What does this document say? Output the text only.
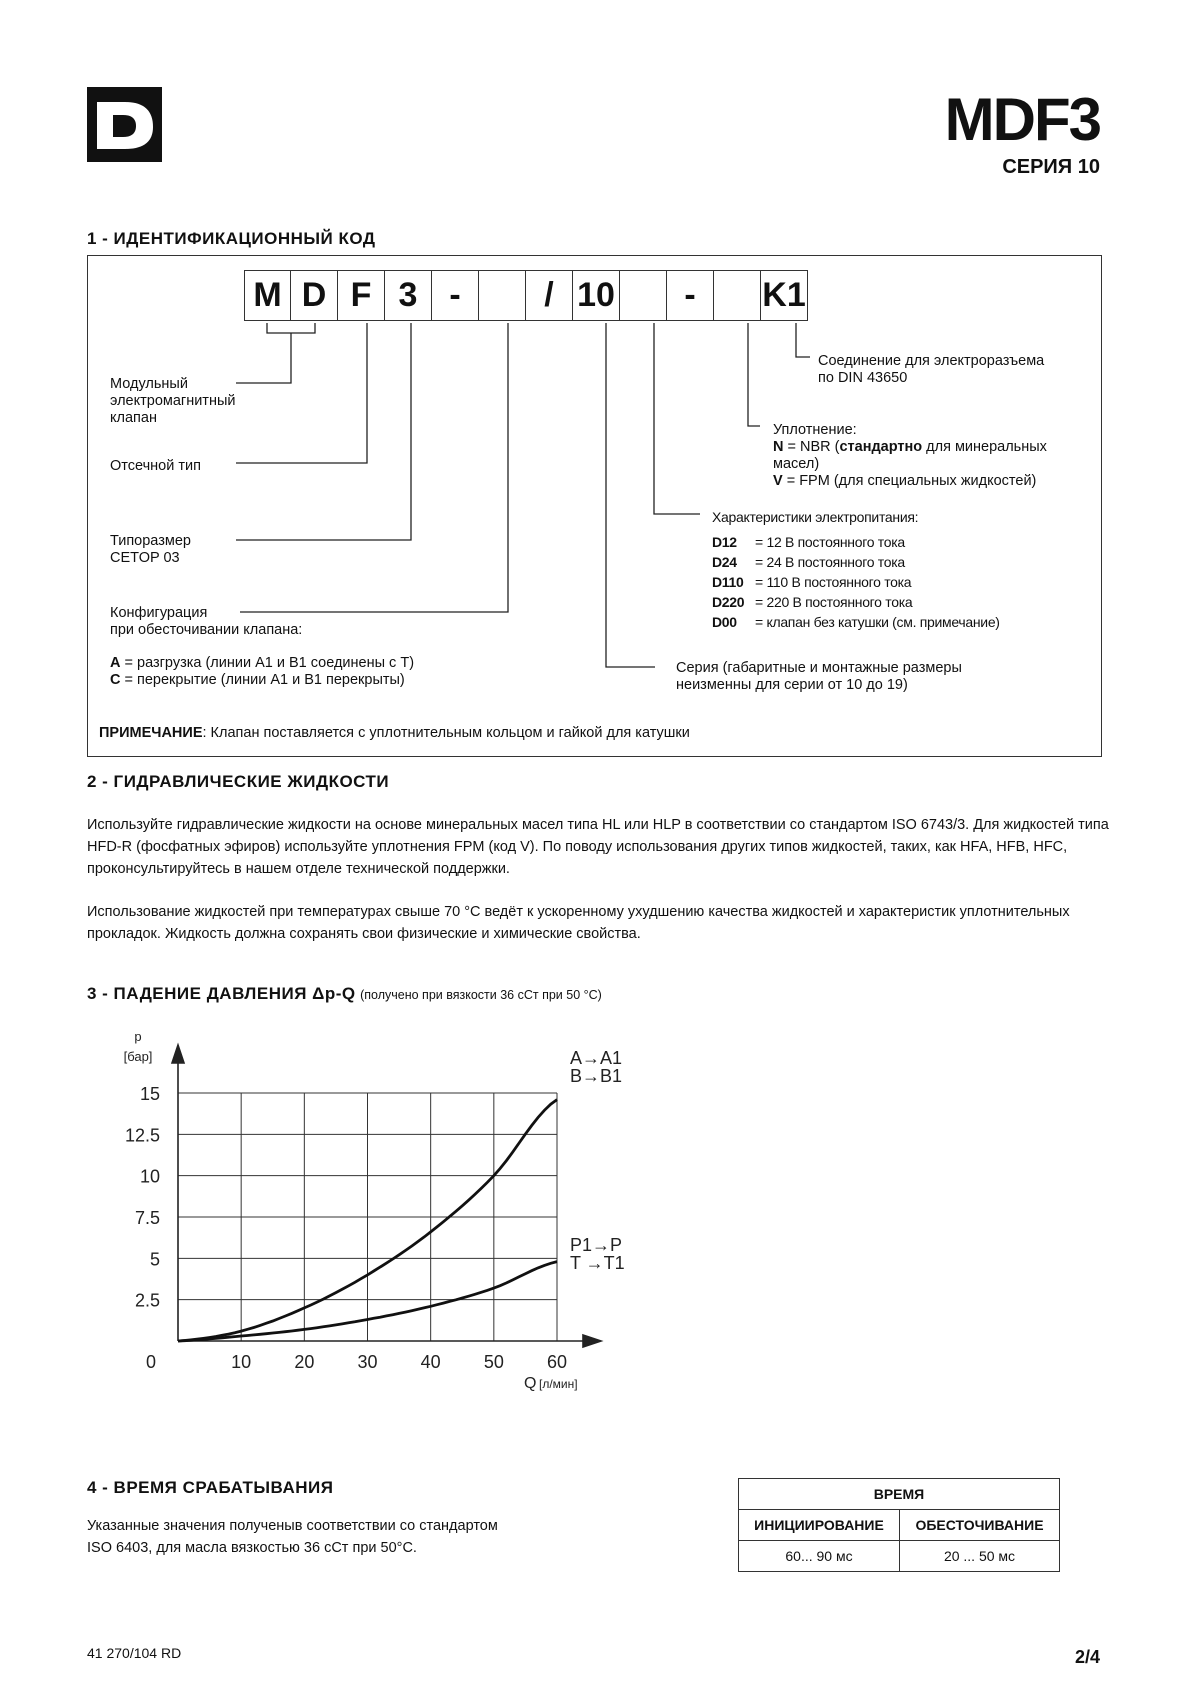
MDF3
СЕРИЯ 10
1 - ИДЕНТИФИКАЦИОННЫЙ КОД
M D F 3 -	/ 10	-	K1
Модульный
электромагнитный
клапан
Отсечной тип
Типоразмер
CETOP 03
Конфигурация
при обесточивании клапана:
A = разгрузка (линии A1 и B1 соединены с T)
C = перекрытие (линии A1 и B1 перекрыты)
Соединение для электроразъема
по DIN 43650
Уплотнение:
N = NBR (стандартно для минеральных
масел)
V = FPM (для специальных жидкостей)
Характеристики электропитания:
D12 = 12 В постоянного тока
D24 = 24 В постоянного тока
D110 = 110 В постоянного тока
D220 = 220 В постоянного тока
D00 = клапан без катушки (см. примечание)
Серия (габаритные и монтажные размеры
неизменны для серии от 10 до 19)
ПРИМЕЧАНИЕ: Клапан поставляется с уплотнительным кольцом и гайкой для катушки
2 - ГИДРАВЛИЧЕСКИЕ ЖИДКОСТИ
Используйте гидравлические жидкости на основе минеральных масел типа HL или HLP в соответствии со стандартом ISO 6743/3. Для жидкостей типа HFD-R (фосфатных эфиров) используйте уплотнения FPM (код V). По поводу использования других типов жидкостей, таких, как HFA, HFB, HFC, проконсультируйтесь в нашем отделе технической поддержки.
Использование жидкостей при температурах свыше 70 °C ведёт к ускоренному ухудшению качества жидкостей и характеристик уплотнительных прокладок. Жидкость должна сохранять свои физические и химические свойства.
3 - ПАДЕНИЕ ДАВЛЕНИЯ Δp-Q (получено при вязкости 36 cСт при 50 °C)
2.5
5
7.5
10
12.5
15
0	10 20 30 40 50 60
p
[бар]
Q [л/мин]
A→A1
B→B1
P1→P
T →T1
4 - ВРЕМЯ СРАБАТЫВАНИЯ
Указанные значения полученыв соответствии со стандартом
ISO 6403, для масла вязкостью 36 cСт при 50°C.
ВРЕМЯ	
ИНИЦИИРОВАНИЕ	ОБЕСТОЧИВАНИЕ
60... 90 мс	20 ... 50 мс
41 270/104 RD	2/4
